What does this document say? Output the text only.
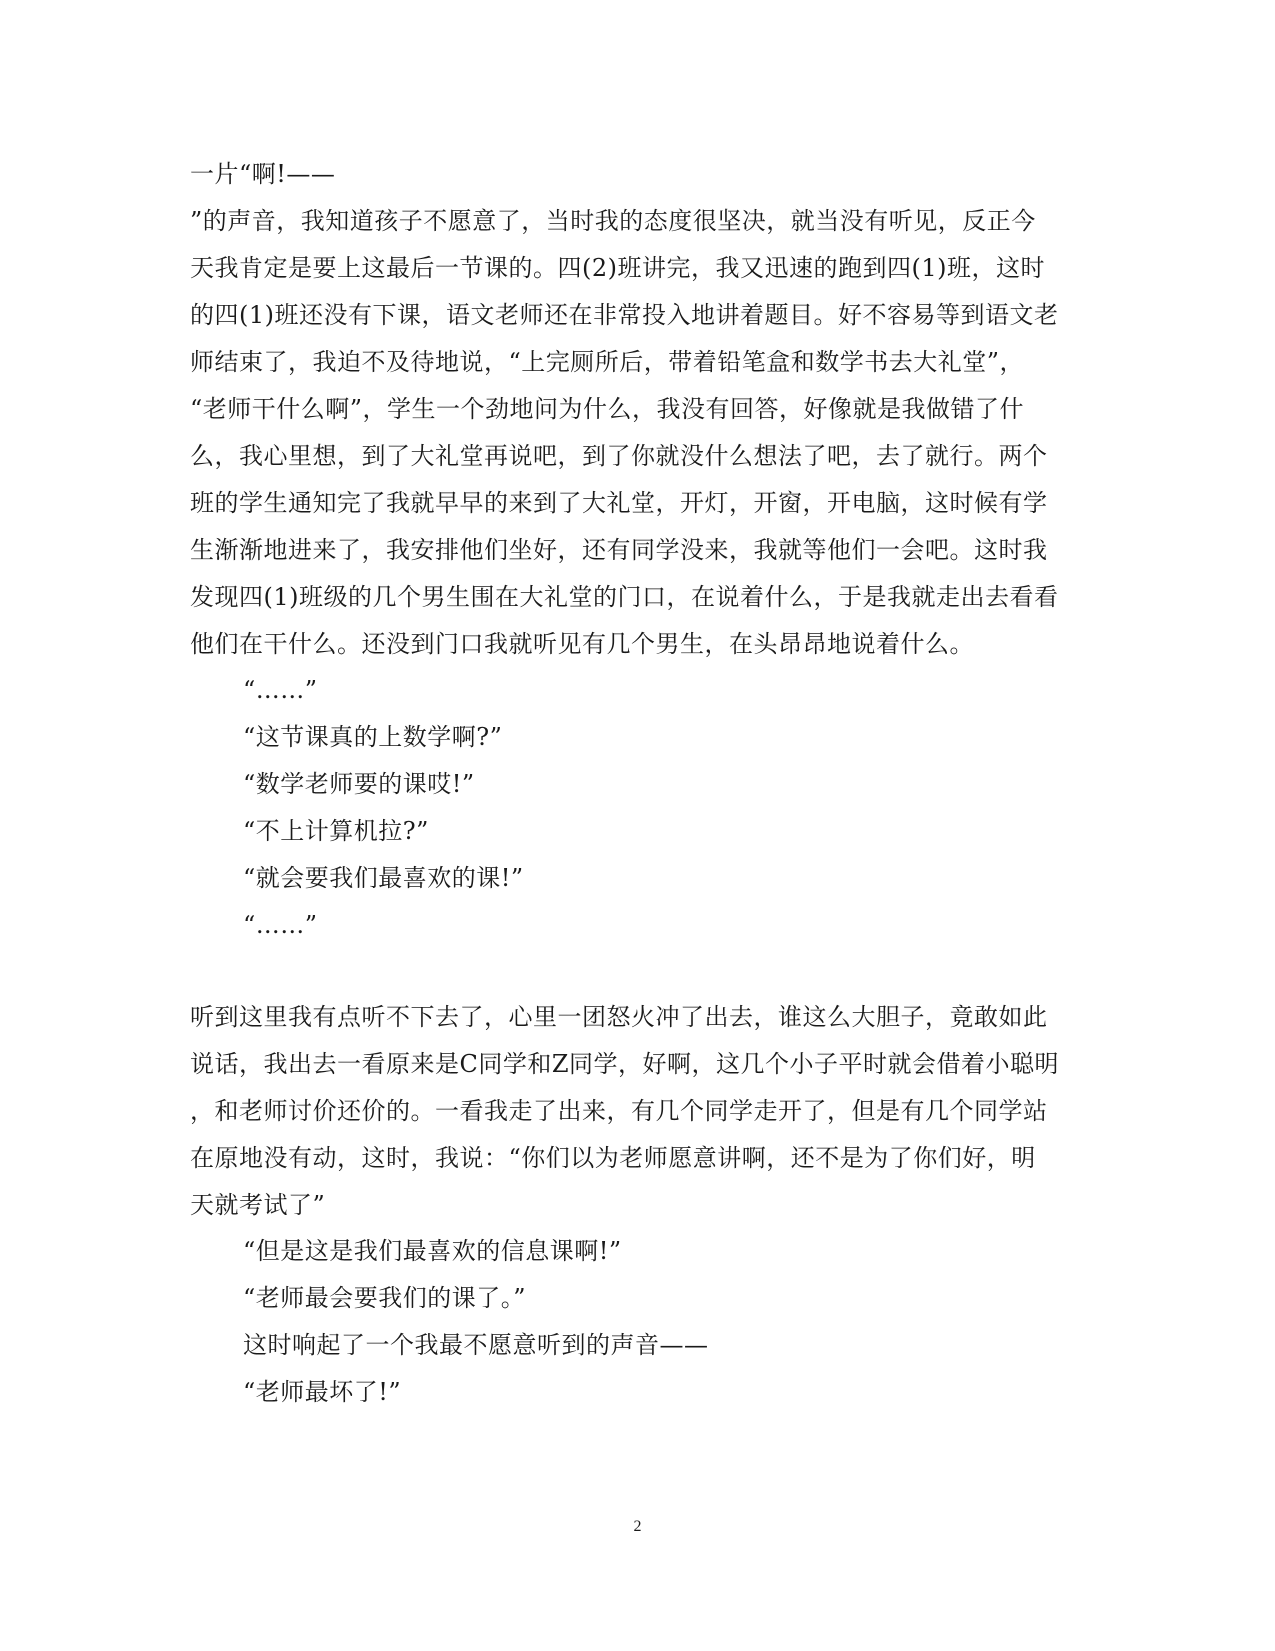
一片“啊!——
”的声音，我知道孩子不愿意了，当时我的态度很坚决，就当没有听见，反正今
天我肯定是要上这最后一节课的。四(2)班讲完，我又迅速的跑到四(1)班，这时
的四(1)班还没有下课，语文老师还在非常投入地讲着题目。好不容易等到语文老
师结束了，我迫不及待地说，“上完厕所后，带着铅笔盒和数学书去大礼堂”，
“老师干什么啊”，学生一个劲地问为什么，我没有回答，好像就是我做错了什
么，我心里想，到了大礼堂再说吧，到了你就没什么想法了吧，去了就行。两个
班的学生通知完了我就早早的来到了大礼堂，开灯，开窗，开电脑，这时候有学
生渐渐地进来了，我安排他们坐好，还有同学没来，我就等他们一会吧。这时我
发现四(1)班级的几个男生围在大礼堂的门口，在说着什么，于是我就走出去看看
他们在干什么。还没到门口我就听见有几个男生，在头昂昂地说着什么。
“……”
“这节课真的上数学啊?”
“数学老师要的课哎!”
“不上计算机拉?”
“就会要我们最喜欢的课!”
“……”
听到这里我有点听不下去了，心里一团怒火冲了出去，谁这么大胆子，竟敢如此
说话，我出去一看原来是C同学和Z同学，好啊，这几个小子平时就会借着小聪明
，和老师讨价还价的。一看我走了出来，有几个同学走开了，但是有几个同学站
在原地没有动，这时，我说：“你们以为老师愿意讲啊，还不是为了你们好，明
天就考试了”
“但是这是我们最喜欢的信息课啊!”
“老师最会要我们的课了。”
这时响起了一个我最不愿意听到的声音——
“老师最坏了!”
2
